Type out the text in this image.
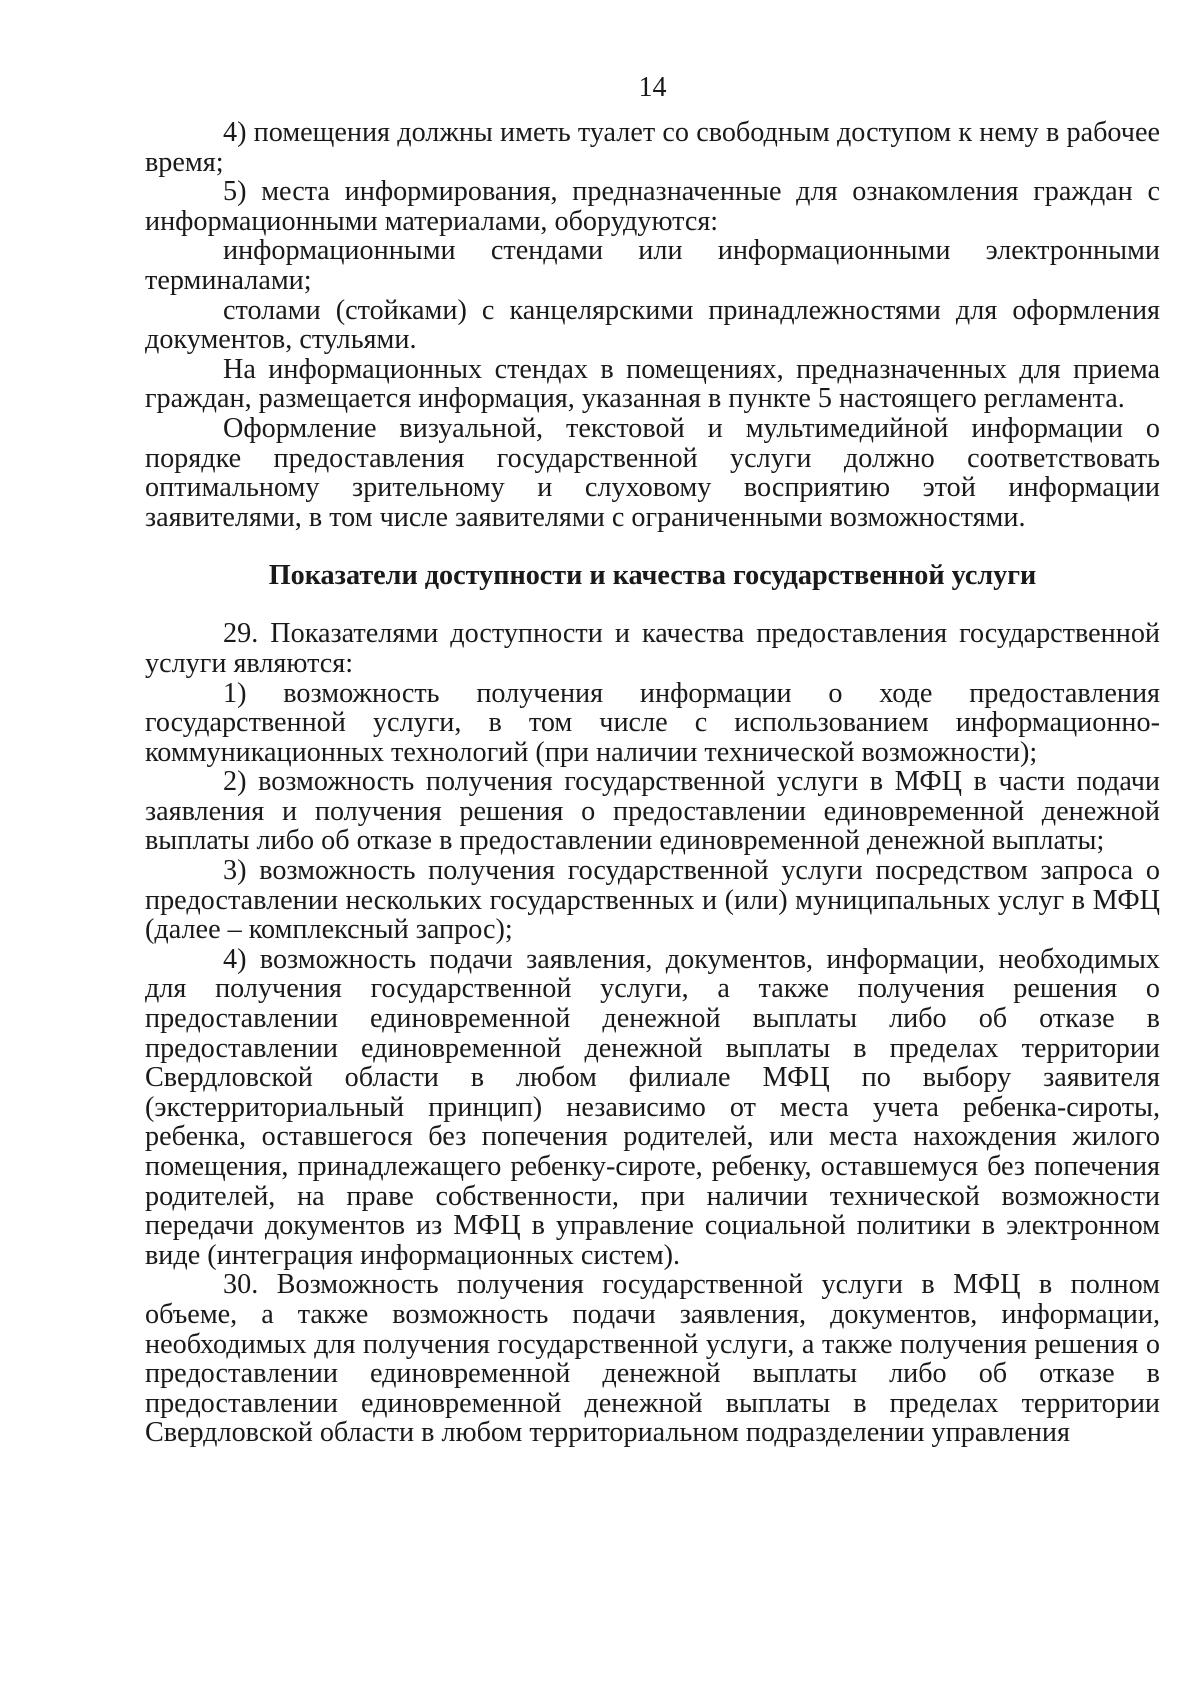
14

4) помещения должны иметь туалет со свободным доступом к нему в рабочее время;

5) места информирования, предназначенные для ознакомления граждан с информационными материалами, оборудуются:

информационными стендами или информационными электронными терминалами;

столами (стойками) с канцелярскими принадлежностями для оформления документов, стульями.

На информационных стендах в помещениях, предназначенных для приема граждан, размещается информация, указанная в пункте 5 настоящего регламента.

Оформление визуальной, текстовой и мультимедийной информации о порядке предоставления государственной услуги должно соответствовать оптимальному зрительному и слуховому восприятию этой информации заявителями, в том числе заявителями с ограниченными возможностями.

Показатели доступности и качества государственной услуги

29. Показателями доступности и качества предоставления государственной услуги являются:

1) возможность получения информации о ходе предоставления государственной услуги, в том числе с использованием информационно-коммуникационных технологий (при наличии технической возможности);

2) возможность получения государственной услуги в МФЦ в части подачи заявления и получения решения о предоставлении единовременной денежной выплаты либо об отказе в предоставлении единовременной денежной выплаты;

3) возможность получения государственной услуги посредством запроса о предоставлении нескольких государственных и (или) муниципальных услуг в МФЦ (далее – комплексный запрос);

4) возможность подачи заявления, документов, информации, необходимых для получения государственной услуги, а также получения решения о предоставлении единовременной денежной выплаты либо об отказе в предоставлении единовременной денежной выплаты в пределах территории Свердловской области в любом филиале МФЦ по выбору заявителя (экстерриториальный принцип) независимо от места учета ребенка-сироты, ребенка, оставшегося без попечения родителей, или места нахождения жилого помещения, принадлежащего ребенку-сироте, ребенку, оставшемуся без попечения родителей, на праве собственности, при наличии технической возможности передачи документов из МФЦ в управление социальной политики в электронном виде (интеграция информационных систем).

30. Возможность получения государственной услуги в МФЦ в полном объеме, а также возможность подачи заявления, документов, информации, необходимых для получения государственной услуги, а также получения решения о предоставлении единовременной денежной выплаты либо об отказе в предоставлении единовременной денежной выплаты в пределах территории Свердловской области в любом территориальном подразделении управления
